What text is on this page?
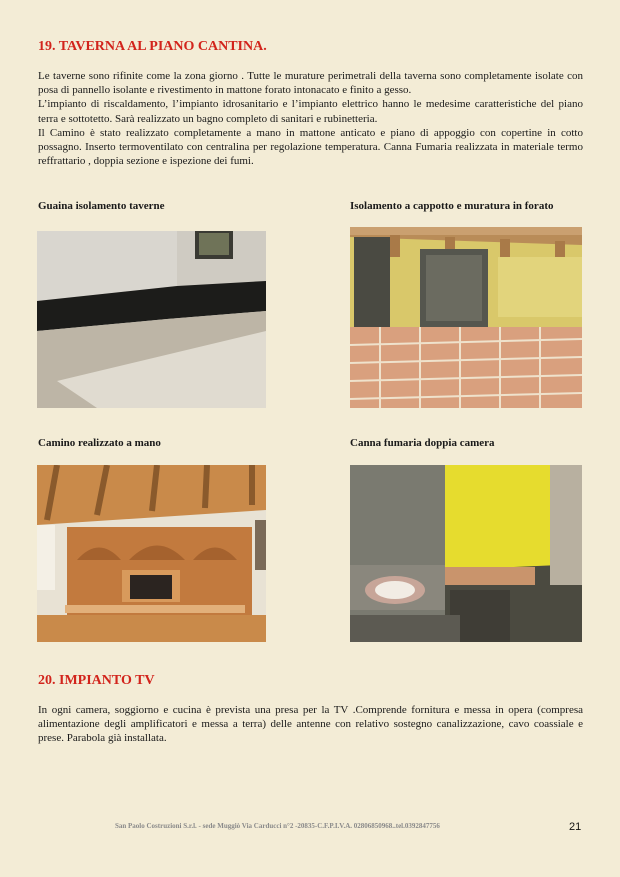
19. TAVERNA AL PIANO CANTINA.
Le taverne sono rifinite come la zona giorno . Tutte le murature perimetrali della taverna sono completamente isolate con posa di pannello isolante e rivestimento in mattone forato intonacato e finito a gesso.
L’impianto di riscaldamento, l’impianto idrosanitario e l’impianto elettrico hanno le medesime caratteristiche del piano terra e sottotetto. Sarà realizzato un bagno completo di sanitari e rubinetteria.
Il Camino è stato realizzato completamente a mano in mattone anticato e piano di appoggio con copertine in cotto possagno. Inserto termoventilato con centralina per regolazione temperatura. Canna Fumaria realizzata in materiale termo reffrattario , doppia sezione e ispezione dei fumi.
Guaina isolamento taverne	Isolamento a cappotto e muratura in forato
Camino realizzato a mano	Canna fumaria doppia camera
20. IMPIANTO TV

In ogni camera, soggiorno e cucina è prevista una presa per la TV .Comprende fornitura e messa in opera (compresa alimentazione degli amplificatori e messa a terra) delle antenne con relativo sostegno canalizzazione, cavo coassiale e prese. Parabola già installata.

San Paolo Costruzioni S.r.l. - sede Muggiò Via Carducci n°2 -20835-C.F.P.I.V.A. 02806850968..tel.0392847756	21
